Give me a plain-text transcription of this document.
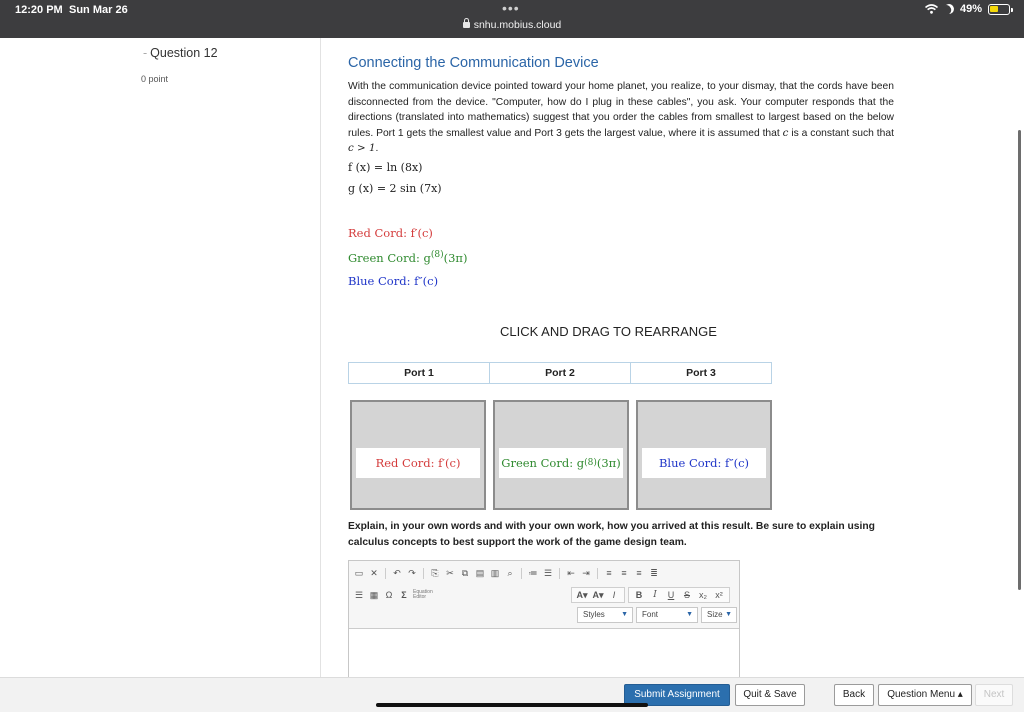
12:20 PM Sun Mar 26	•••
snhu.mobius.cloud
49%
- Question 12
0 point
Connecting the Communication Device
With the communication device pointed toward your home planet, you realize, to your dismay, that the cords have been disconnected from the device. "Computer, how do I plug in these cables", you ask. Your computer responds that the directions (translated into mathematics) suggest that you order the cables from smallest to largest based on the below rules. Port 1 gets the smallest value and Port 3 gets the largest value, where it is assumed that c is a constant such that c > 1.
f (x) = ln (8x)
g (x) = 2 sin (7x)
Red Cord: f′(c)
Green Cord: $g^{(8)}(3\pi)$
Blue Cord: f″(c)
CLICK AND DRAG TO REARRANGE
Port 1	Port 2	Port 3
Red Cord: f′(c)	Green Cord: g (8) (3π)	Blue Cord: f″(c)
Explain, in your own words and with your own work, how you arrived at this result. Be sure to explain using calculus concepts to best support the work of the game design team.
▭ ✕ ↶ ↷ ⎘ ✂ ⧉ ▤ ▥ ⌕	≔ ☰ ⇤ ⇥	≡	≡	≡ ≣
☰ ▦ Ω Σ	Equation Editor	A▾ A▾	I	B	I	U	S	x₂ x²
Styles ▼	Font	▼	Size ▼
Submit Assignment	Quit & Save	Back	Question Menu ▴	Next
